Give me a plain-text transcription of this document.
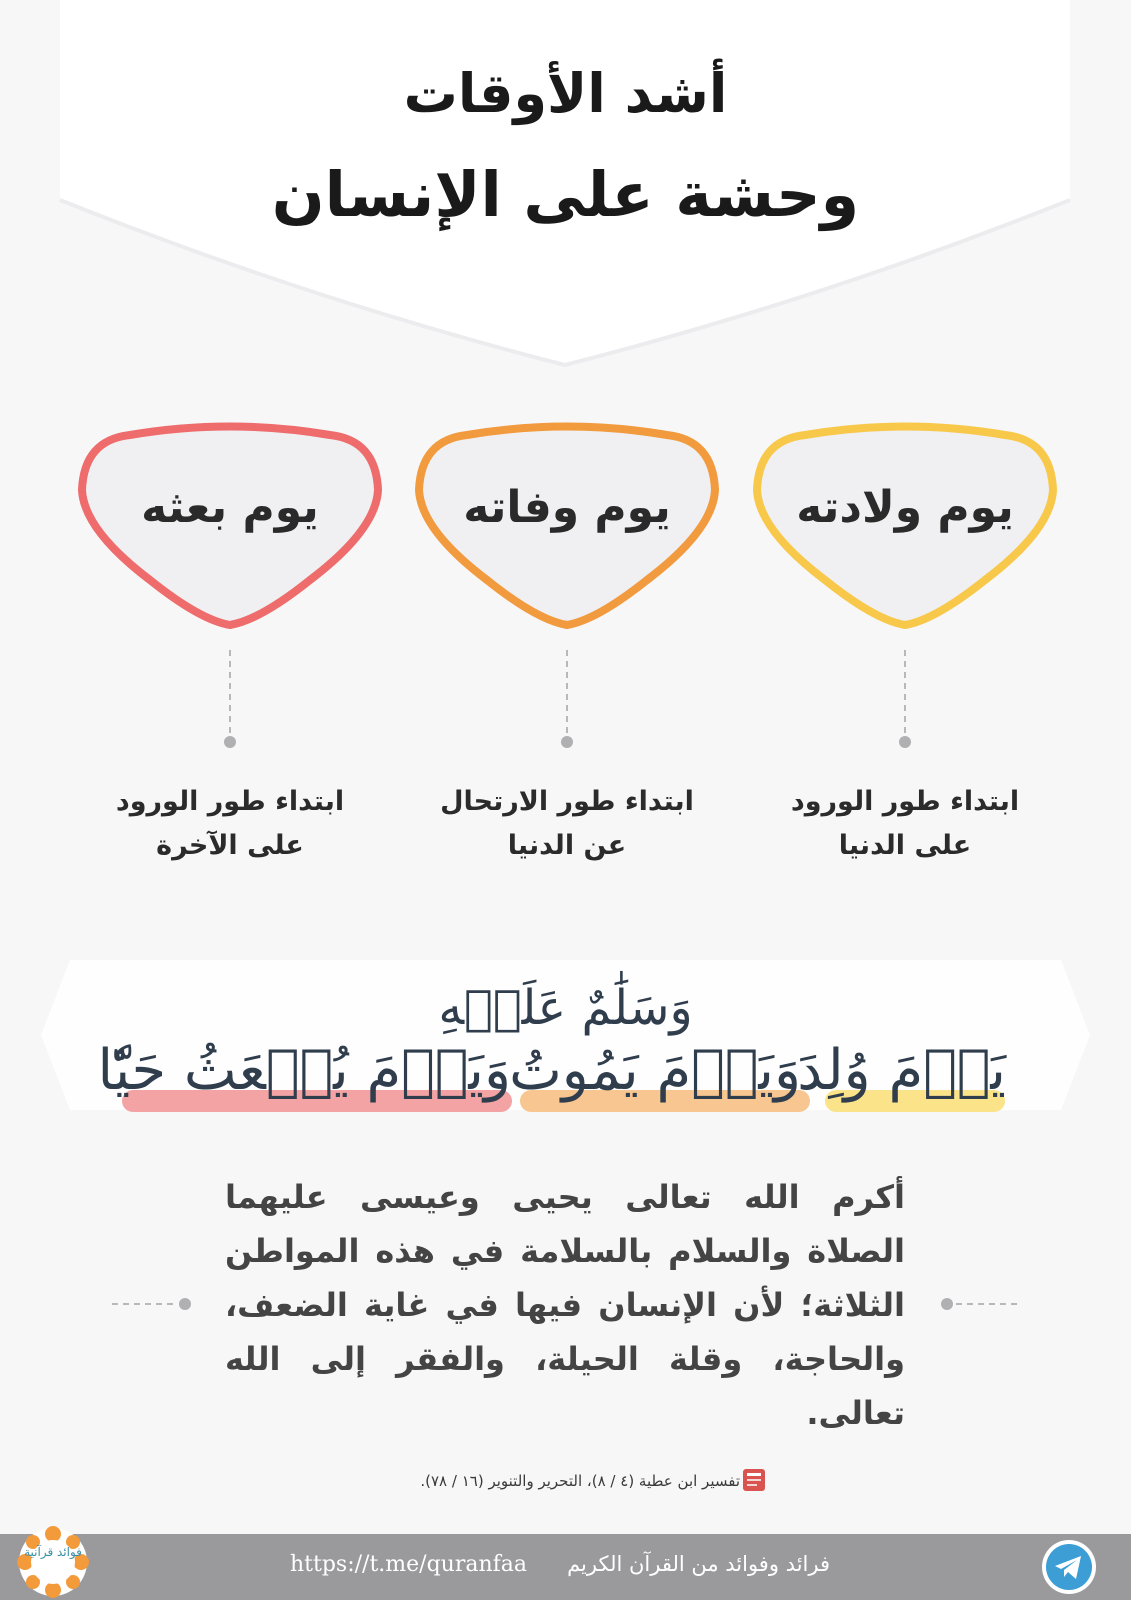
أشد الأوقات
وحشة على الإنسان
يوم ولادته
يوم وفاته
يوم بعثه
ابتداء طور الورود
على الدنيا
ابتداء طور الارتحال
عن الدنيا
ابتداء طور الورود
على الآخرة
وَسَلَٰمٌ عَلَيۡهِ
يَوۡمَ وُلِدَ
وَيَوۡمَ يَمُوتُ
وَيَوۡمَ يُبۡعَثُ حَيّٗا
أكرم الله تعالى يحيى وعيسى عليهما الصلاة والسلام بالسلامة في هذه المواطن الثلاثة؛ لأن الإنسان فيها في غاية الضعف، والحاجة، وقلة الحيلة، والفقر إلى الله تعالى.
تفسير ابن عطية (٤ / ٨)، التحرير والتنوير (١٦ / ٧٨).
https://t.me/quranfaa	فرائد وفوائد من القرآن الكريم
فوائد قرآنية
